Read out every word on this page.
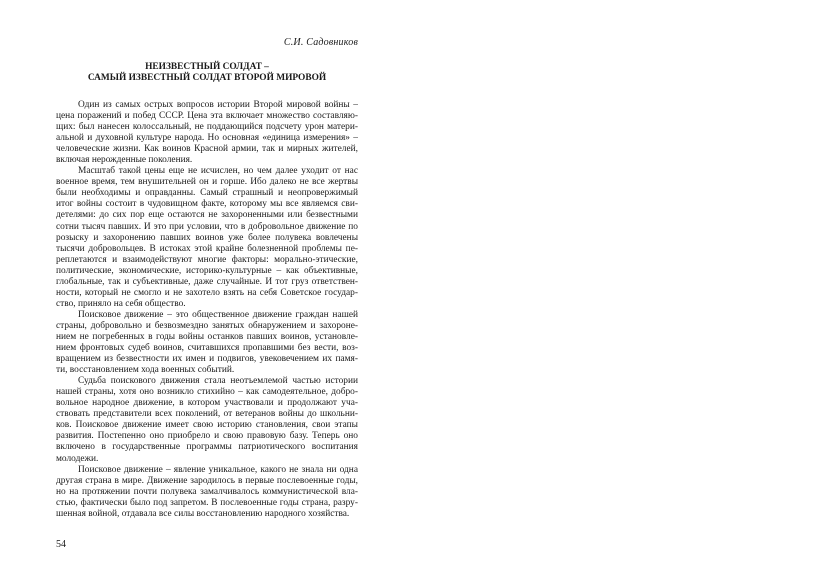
С.И. Садовников
НЕИЗВЕСТНЫЙ СОЛДАТ –
САМЫЙ ИЗВЕСТНЫЙ СОЛДАТ ВТОРОЙ МИРОВОЙ
Один из самых острых вопросов истории Второй мировой войны –
цена поражений и побед СССР. Цена эта включает множество составляю-
щих: был нанесен колоссальный, не поддающийся подсчету урон матери-
альной и духовной культуре народа. Но основная «единица измерения» –
человеческие жизни. Как воинов Красной армии, так и мирных жителей,
включая нерожденные поколения.
Масштаб такой цены еще не исчислен, но чем далее уходит от нас
военное время, тем внушительней он и горше. Ибо далеко не все жертвы
были необходимы и оправданны. Самый страшный и неопровержимый
итог войны состоит в чудовищном факте, которому мы все являемся сви-
детелями: до сих пор еще остаются не захороненными или безвестными
сотни тысяч павших. И это при условии, что в добровольное движение по
розыску и захоронению павших воинов уже более полувека вовлечены
тысячи добровольцев. В истоках этой крайне болезненной проблемы пе-
реплетаются и взаимодействуют многие факторы: морально-этические,
политические, экономические, историко-культурные – как объективные,
глобальные, так и субъективные, даже случайные. И тот груз ответствен-
ности, который не смогло и не захотело взять на себя Советское государ-
ство, приняло на себя общество.
Поисковое движение – это общественное движение граждан нашей
страны, добровольно и безвозмездно занятых обнаружением и захороне-
нием не погребенных в годы войны останков павших воинов, установле-
нием фронтовых судеб воинов, считавшихся пропавшими без вести, воз-
вращением из безвестности их имен и подвигов, увековечением их памя-
ти, восстановлением хода военных событий.
Судьба поискового движения стала неотъемлемой частью истории
нашей страны, хотя оно возникло стихийно – как самодеятельное, добро-
вольное народное движение, в котором участвовали и продолжают уча-
ствовать представители всех поколений, от ветеранов войны до школьни-
ков. Поисковое движение имеет свою историю становления, свои этапы
развития. Постепенно оно приобрело и свою правовую базу. Теперь оно
включено в государственные программы патриотического воспитания
молодежи.
Поисковое движение – явление уникальное, какого не знала ни одна
другая страна в мире. Движение зародилось в первые послевоенные годы,
но на протяжении почти полувека замалчивалось коммунистической вла-
стью, фактически было под запретом. В послевоенные годы страна, разру-
шенная войной, отдавала все силы восстановлению народного хозяйства.
54
